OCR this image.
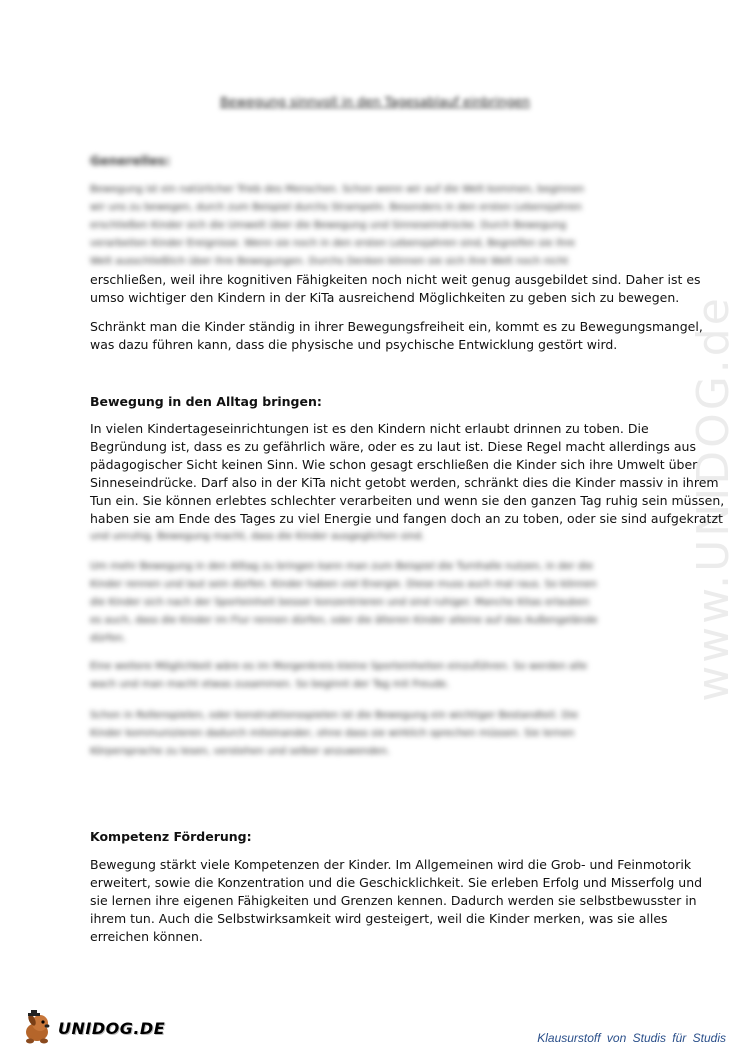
www.UNIDOG.de
Bewegung sinnvoll in den Tagesablauf einbringen
Generelles:
Bewegung ist ein natürlicher Trieb des Menschen. Schon wenn wir auf die Welt kommen, beginnen
wir uns zu bewegen, durch zum Beispiel durchs Strampeln. Besonders in den ersten Lebensjahren
erschließen Kinder sich die Umwelt über die Bewegung und Sinneseindrücke. Durch Bewegung
verarbeiten Kinder Ereignisse. Wenn sie noch in den ersten Lebensjahren sind, Begreifen sie ihre
Welt ausschließlich über ihre Bewegungen. Durchs Denken können sie sich ihre Welt noch nicht
erschließen, weil ihre kognitiven Fähigkeiten noch nicht weit genug ausgebildet sind. Daher ist es
umso wichtiger den Kindern in der KiTa ausreichend Möglichkeiten zu geben sich zu bewegen.
Schränkt man die Kinder ständig in ihrer Bewegungsfreiheit ein, kommt es zu Bewegungsmangel,
was dazu führen kann, dass die physische und psychische Entwicklung gestört wird.
Bewegung in den Alltag bringen:
In vielen Kindertageseinrichtungen ist es den Kindern nicht erlaubt drinnen zu toben. Die
Begründung ist, dass es zu gefährlich wäre, oder es zu laut ist. Diese Regel macht allerdings aus
pädagogischer Sicht keinen Sinn. Wie schon gesagt erschließen die Kinder sich ihre Umwelt über
Sinneseindrücke. Darf also in der KiTa nicht getobt werden, schränkt dies die Kinder massiv in ihrem
Tun ein. Sie können erlebtes schlechter verarbeiten und wenn sie den ganzen Tag ruhig sein müssen,
haben sie am Ende des Tages zu viel Energie und fangen doch an zu toben, oder sie sind aufgekratzt
und unruhig. Bewegung macht, dass die Kinder ausgeglichen sind.
Um mehr Bewegung in den Alltag zu bringen kann man zum Beispiel die Turnhalle nutzen, in der die
Kinder rennen und laut sein dürfen. Kinder haben viel Energie. Diese muss auch mal raus. So können
die Kinder sich nach der Sporteinheit besser konzentrieren und sind ruhiger. Manche Kitas erlauben
es auch, dass die Kinder im Flur rennen dürfen, oder die älteren Kinder alleine auf das Außengelände
dürfen.
Eine weitere Möglichkeit wäre es im Morgenkreis kleine Sporteinheiten einzuführen. So werden alle
wach und man macht etwas zusammen. So beginnt der Tag mit Freude.
Schon in Rollenspielen, oder konstruktionsspielen ist die Bewegung ein wichtiger Bestandteil. Die
Kinder kommunizieren dadurch miteinander, ohne dass sie wirklich sprechen müssen. Sie lernen
Körpersprache zu lesen, verstehen und selber anzuwenden.
Kompetenz Förderung:
Bewegung stärkt viele Kompetenzen der Kinder. Im Allgemeinen wird die Grob- und Feinmotorik
erweitert, sowie die Konzentration und die Geschicklichkeit. Sie erleben Erfolg und Misserfolg und
sie lernen ihre eigenen Fähigkeiten und Grenzen kennen. Dadurch werden sie selbstbewusster in
ihrem tun. Auch die Selbstwirksamkeit wird gesteigert, weil die Kinder merken, was sie alles
erreichen können.
UNIDOG.DE
Klausurstoff von Studis für Studis
